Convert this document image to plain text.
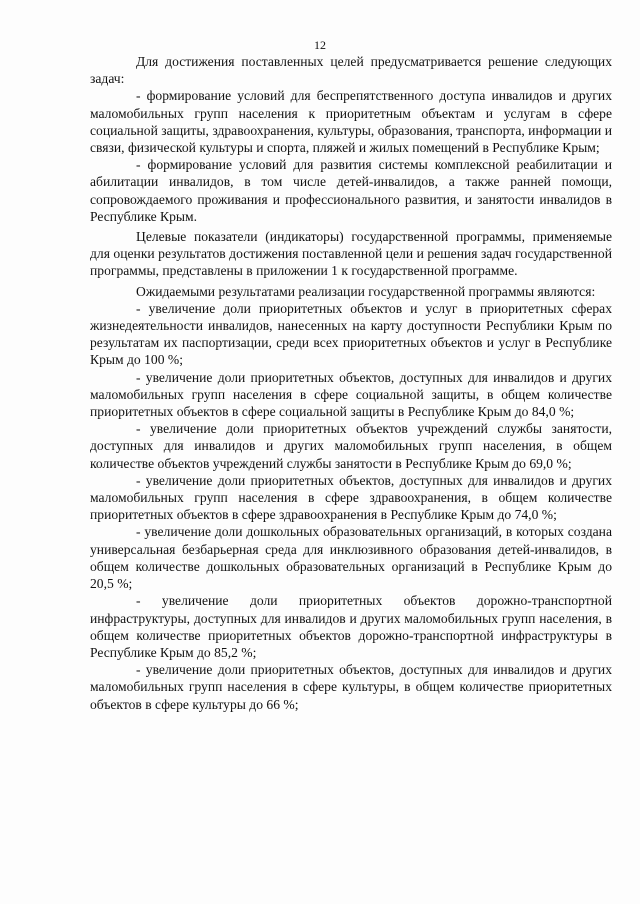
12

Для достижения поставленных целей предусматривается решение следующих задач:

- формирование условий для беспрепятственного доступа инвалидов и других маломобильных групп населения к приоритетным объектам и услугам в сфере социальной защиты, здравоохранения, культуры, образования, транспорта, информации и связи, физической культуры и спорта, пляжей и жилых помещений в Республике Крым;

- формирование условий для развития системы комплексной реабилитации и абилитации инвалидов, в том числе детей-инвалидов, а также ранней помощи, сопровождаемого проживания и профессионального развития, и занятости инвалидов в Республике Крым.

Целевые показатели (индикаторы) государственной программы, применяемые для оценки результатов достижения поставленной цели и решения задач государственной программы, представлены в приложении 1 к государственной программе.

Ожидаемыми результатами реализации государственной программы являются:

- увеличение доли приоритетных объектов и услуг в приоритетных сферах жизнедеятельности инвалидов, нанесенных на карту доступности Республики Крым по результатам их паспортизации, среди всех приоритетных объектов и услуг в Республике Крым до 100 %;

- увеличение доли приоритетных объектов, доступных для инвалидов и других маломобильных групп населения в сфере социальной защиты, в общем количестве приоритетных объектов в сфере социальной защиты в Республике Крым до 84,0 %;

- увеличение доли приоритетных объектов учреждений службы занятости, доступных для инвалидов и других маломобильных групп населения, в общем количестве объектов учреждений службы занятости в Республике Крым до 69,0 %;

- увеличение доли приоритетных объектов, доступных для инвалидов и других маломобильных групп населения в сфере здравоохранения, в общем количестве приоритетных объектов в сфере здравоохранения в Республике Крым до 74,0 %;

- увеличение доли дошкольных образовательных организаций, в которых создана универсальная безбарьерная среда для инклюзивного образования детей-инвалидов, в общем количестве дошкольных образовательных организаций в Республике Крым до 20,5 %;

- увеличение доли приоритетных объектов дорожно-транспортной инфраструктуры, доступных для инвалидов и других маломобильных групп населения, в общем количестве приоритетных объектов дорожно-транспортной инфраструктуры в Республике Крым до 85,2 %;

- увеличение доли приоритетных объектов, доступных для инвалидов и других маломобильных групп населения в сфере культуры, в общем количестве приоритетных объектов в сфере культуры до 66 %;
